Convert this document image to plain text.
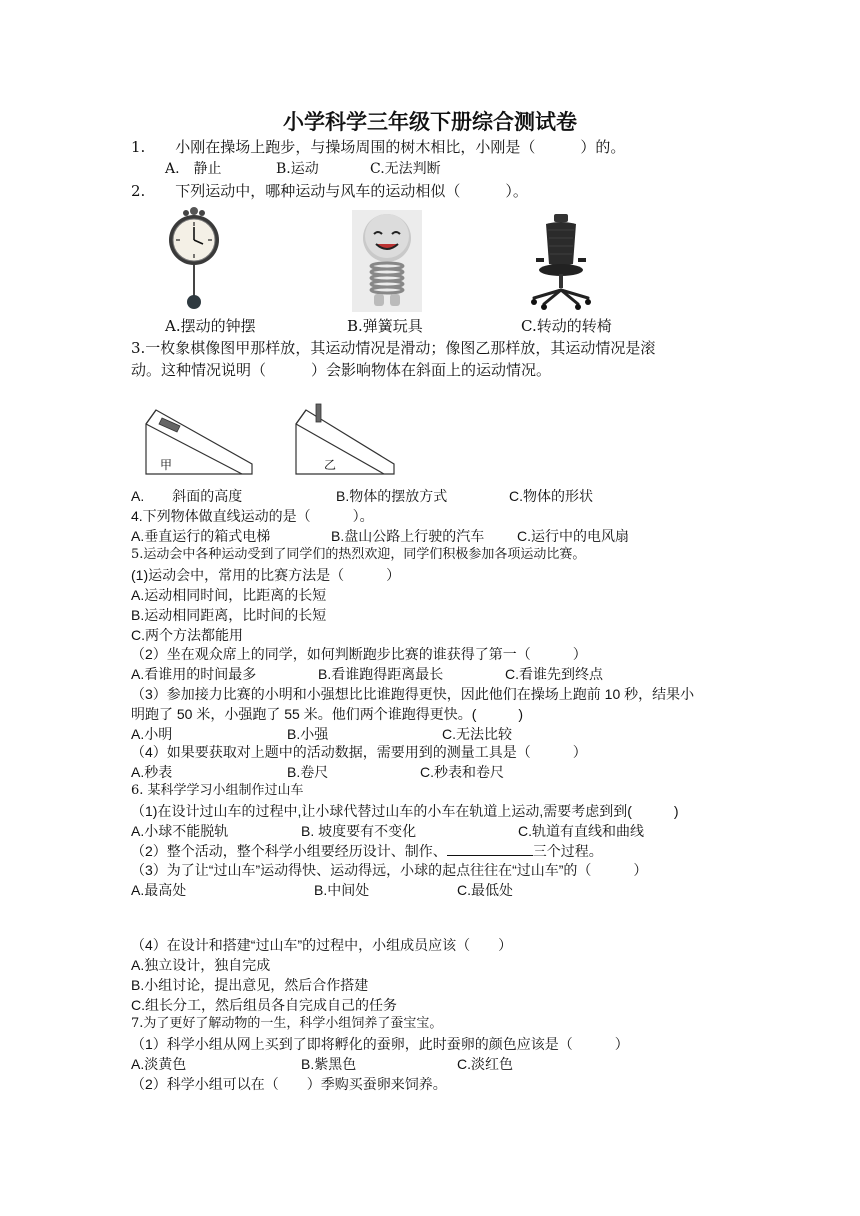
小学科学三年级下册综合测试卷
1.　　小刚在操场上跑步，与操场周围的树木相比，小刚是（　　　）的。
A.　静止	B.运动	C.无法判断
2.　　下列运动中，哪种运动与风车的运动相似（　　　）。
A.摆动的钟摆	B.弹簧玩具	C.转动的转椅
3.一枚象棋像图甲那样放，其运动情况是滑动；像图乙那样放，其运动情况是滚
动。这种情况说明（　　　）会影响物体在斜面上的运动情况。
甲	乙
A.　　斜面的高度	B.物体的摆放方式	C.物体的形状
4.下列物体做直线运动的是（　　　）。
A.垂直运行的箱式电梯	B.盘山公路上行驶的汽车 C.运行中的电风扇
5.运动会中各种运动受到了同学们的热烈欢迎，同学们积极参加各项运动比赛。
(1)运动会中，常用的比赛方法是（　　　）
A.运动相同时间，比距离的长短
B.运动相同距离，比时间的长短
C.两个方法都能用
（2）坐在观众席上的同学，如何判断跑步比赛的谁获得了第一（　　　）
A.看谁用的时间最多	B.看谁跑得距离最长	C.看谁先到终点
（3）参加接力比赛的小明和小强想比比谁跑得更快，因此他们在操场上跑前 10 秒，结果小
明跑了 50 米，小强跑了 55 米。他们两个谁跑得更快。(　　　)
A.小明	B.小强	C.无法比较
（4）如果要获取对上题中的活动数据，需要用到的测量工具是（　　　）
A.秒表	B.卷尺	C.秒表和卷尺
6. 某科学学习小组制作过山车
（1)在设计过山车的过程中,让小球代替过山车的小车在轨道上运动,需要考虑到到(　　　)
A.小球不能脱轨	B. 坡度要有不变化	C.轨道有直线和曲线
（2）整个活动，整个科学小组要经历设计、制作、	三个过程。
（3）为了让“过山车”运动得快、运动得远，小球的起点往往在“过山车”的（　　　）
A.最高处	B.中间处	C.最低处
（4）在设计和搭建“过山车”的过程中，小组成员应该（　　）
A.独立设计，独自完成
B.小组讨论，提出意见，然后合作搭建
C.组长分工，然后组员各自完成自己的任务
7.为了更好了解动物的一生，科学小组饲养了蚕宝宝。
（1）科学小组从网上买到了即将孵化的蚕卵，此时蚕卵的颜色应该是（　　　）
A.淡黄色	B.紫黑色	C.淡红色
（2）科学小组可以在（　　）季购买蚕卵来饲养。
